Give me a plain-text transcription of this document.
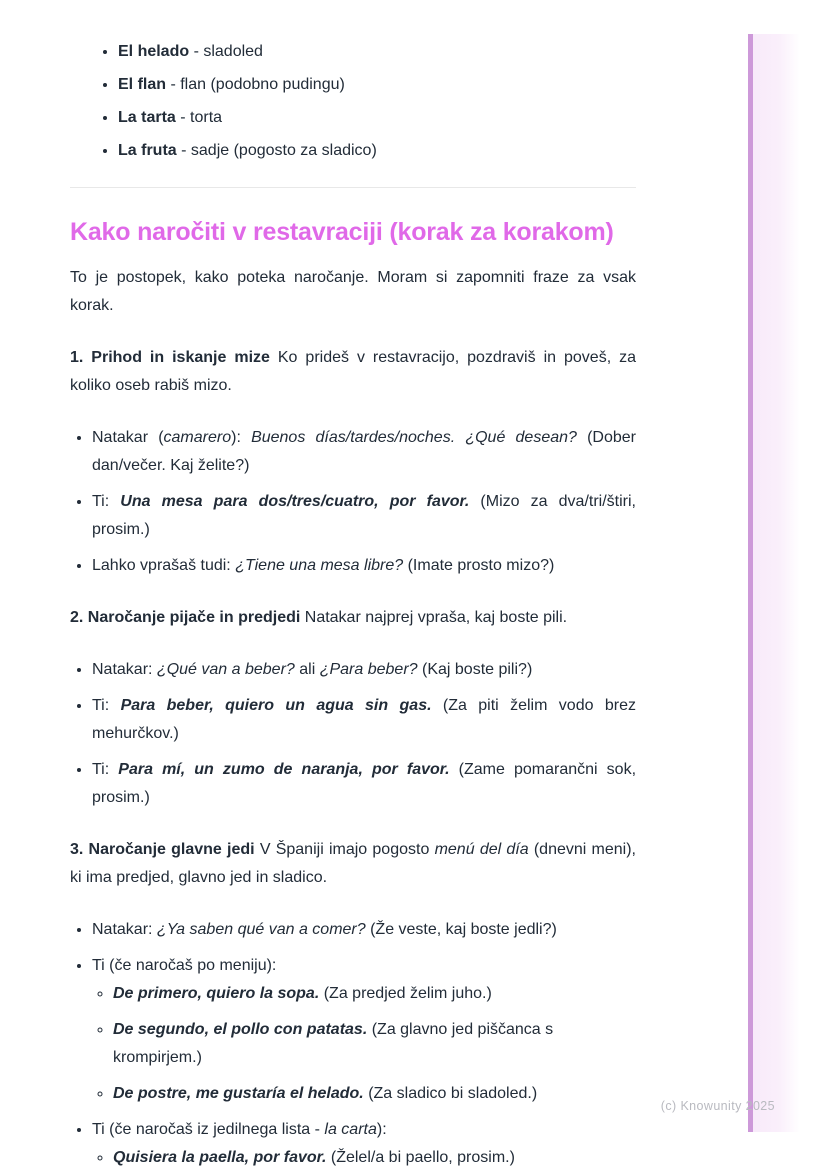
• El helado - sladoled
• El flan - flan (podobno pudingu)
• La tarta - torta
• La fruta - sadje (pogosto za sladico)
Kako naročiti v restavraciji (korak za korakom)

To je postopek, kako poteka naročanje. Moram si zapomniti fraze za vsak korak.

1. Prihod in iskanje mize Ko prideš v restavracijo, pozdraviš in poveš, za koliko oseb rabiš mizo.

• Natakar (camarero): Buenos días/tardes/noches. ¿Qué desean? (Dober dan/večer. Kaj želite?)
• Ti: Una mesa para dos/tres/cuatro, por favor. (Mizo za dva/tri/štiri, prosim.)
• Lahko vprašaš tudi: ¿Tiene una mesa libre? (Imate prosto mizo?)

2. Naročanje pijače in predjedi Natakar najprej vpraša, kaj boste pili.

• Natakar: ¿Qué van a beber? ali ¿Para beber? (Kaj boste pili?)
• Ti: Para beber, quiero un agua sin gas. (Za piti želim vodo brez mehurčkov.)
• Ti: Para mí, un zumo de naranja, por favor. (Zame pomarančni sok, prosim.)

3. Naročanje glavne jedi V Španiji imajo pogosto menú del día (dnevni meni), ki ima predjed, glavno jed in sladico.

• Natakar: ¿Ya saben qué van a comer? (Že veste, kaj boste jedli?)
• Ti (če naročaš po meniju):
◦ De primero, quiero la sopa. (Za predjed želim juho.)
◦ De segundo, el pollo con patatas. (Za glavno jed piščanca s krompirjem.)
◦ De postre, me gustaría el helado. (Za sladico bi sladoled.)
• Ti (če naročaš iz jedilnega lista - la carta):
◦ Quisiera la paella, por favor. (Želel/a bi paello, prosim.)
(c) Knowunity 2025
